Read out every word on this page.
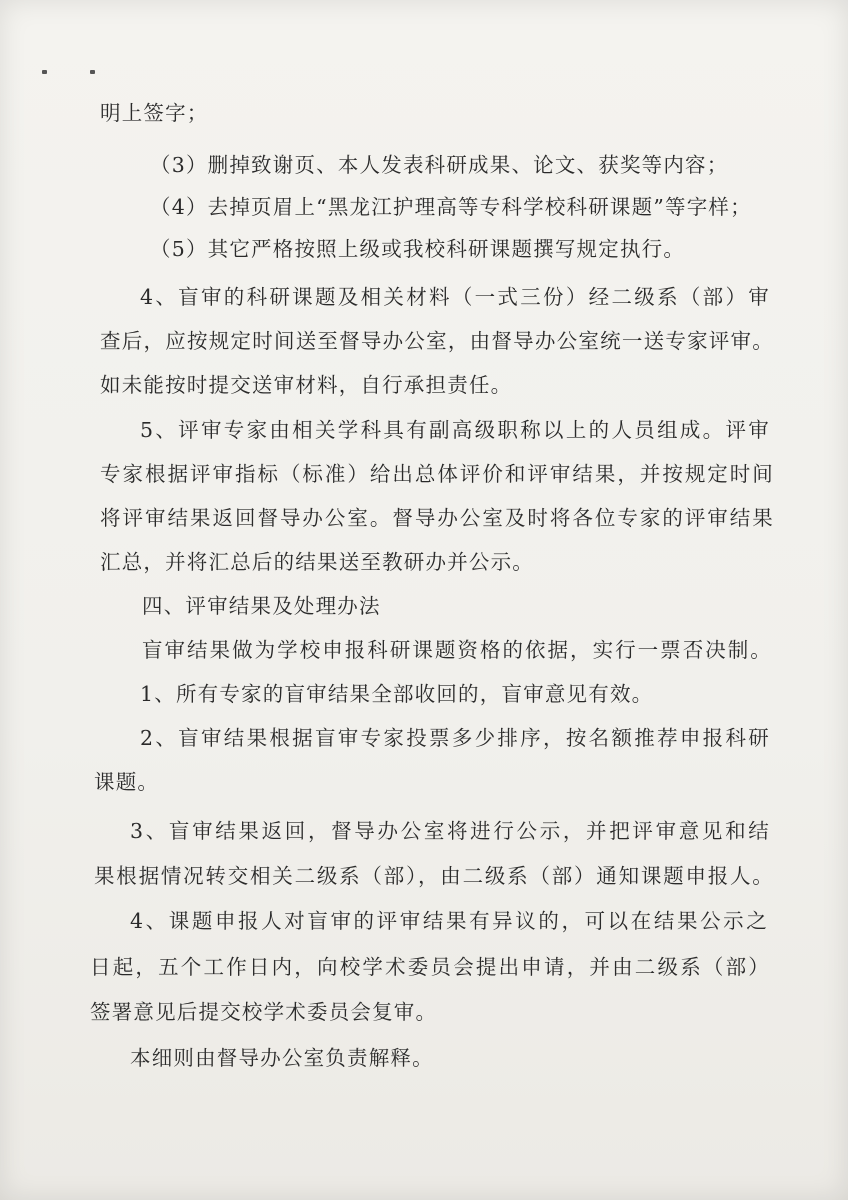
明上签字；
（3）删掉致谢页、本人发表科研成果、论文、获奖等内容；
（4）去掉页眉上“黑龙江护理高等专科学校科研课题”等字样；
（5）其它严格按照上级或我校科研课题撰写规定执行。
4、盲审的科研课题及相关材料（一式三份）经二级系（部）审
查后，应按规定时间送至督导办公室，由督导办公室统一送专家评审。
如未能按时提交送审材料，自行承担责任。
5、评审专家由相关学科具有副高级职称以上的人员组成。评审
专家根据评审指标（标准）给出总体评价和评审结果，并按规定时间
将评审结果返回督导办公室。督导办公室及时将各位专家的评审结果
汇总，并将汇总后的结果送至教研办并公示。
四、评审结果及处理办法
盲审结果做为学校申报科研课题资格的依据，实行一票否决制。
1、所有专家的盲审结果全部收回的，盲审意见有效。
2、盲审结果根据盲审专家投票多少排序，按名额推荐申报科研
课题。
3、盲审结果返回，督导办公室将进行公示，并把评审意见和结
果根据情况转交相关二级系（部），由二级系（部）通知课题申报人。
4、课题申报人对盲审的评审结果有异议的，可以在结果公示之
日起，五个工作日内，向校学术委员会提出申请，并由二级系（部）
签署意见后提交校学术委员会复审。
本细则由督导办公室负责解释。
